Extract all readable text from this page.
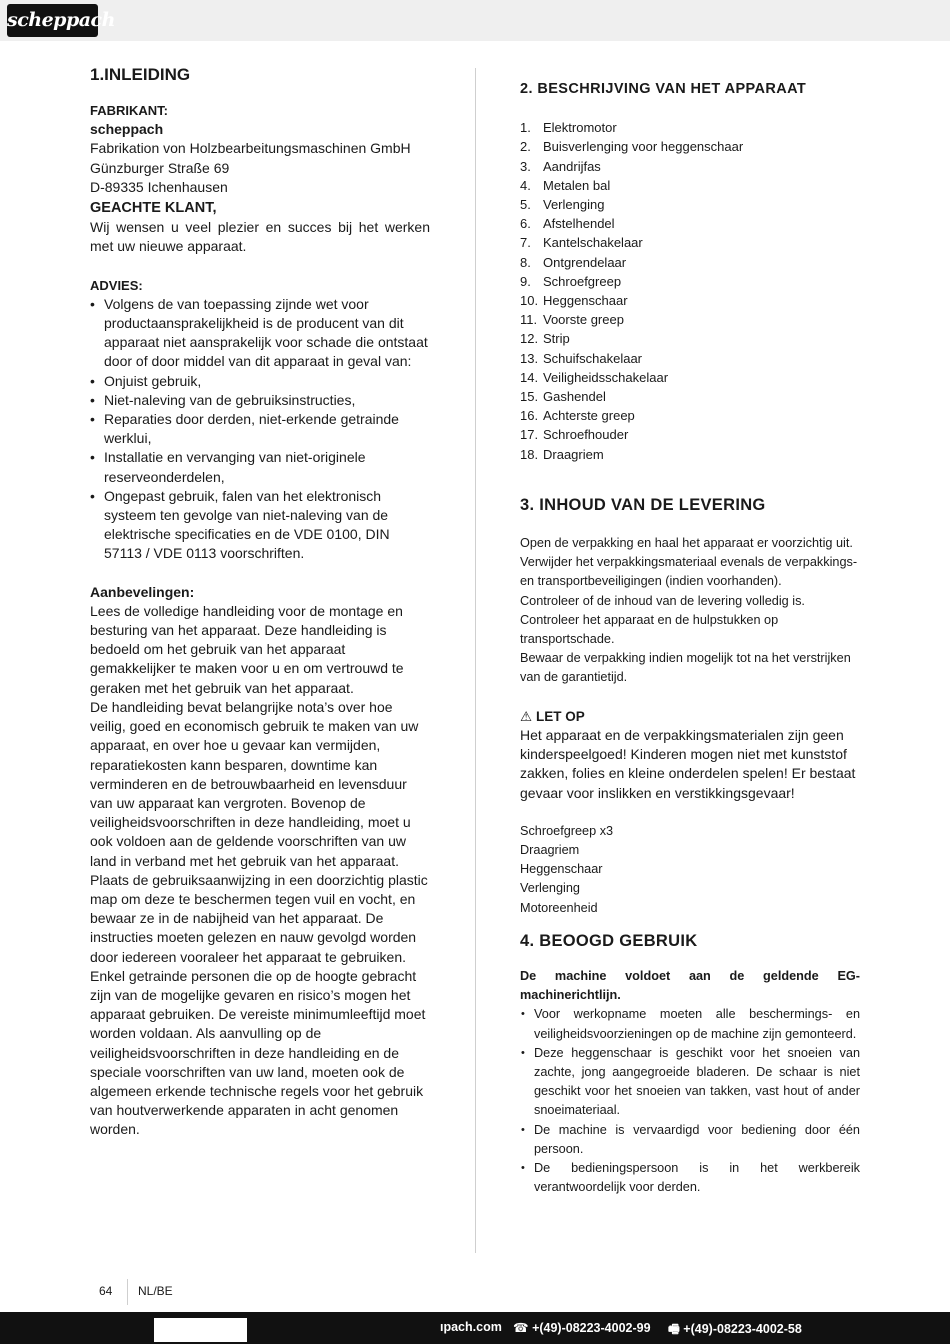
scheppach

1.INLEIDING

FABRIKANT:

scheppach

Fabrikation von Holzbearbeitungsmaschinen GmbH

Günzburger Straße 69

D-89335 Ichenhausen

GEACHTE KLANT,

Wij wensen u veel plezier en succes bij het werken met uw nieuwe apparaat.

ADVIES:

• Volgens de van toepassing zijnde wet voor productaansprakelijkheid is de producent van dit apparaat niet aansprakelijk voor schade die ontstaat door of door middel van dit apparaat in geval van:
• Onjuist gebruik,
• Niet-naleving van de gebruiksinstructies,
• Reparaties door derden, niet-erkende getrainde werklui,
• Installatie en vervanging van niet-originele reserveonderdelen,
• Ongepast gebruik, falen van het elektronisch systeem ten gevolge van niet-naleving van de elektrische specificaties en de VDE 0100, DIN 57113 / VDE 0113 voorschriften.

Aanbevelingen:

Lees de volledige handleiding voor de montage en besturing van het apparaat. Deze handleiding is bedoeld om het gebruik van het apparaat gemakkelijker te maken voor u en om vertrouwd te geraken met het gebruik van het apparaat.

De handleiding bevat belangrijke nota’s over hoe veilig, goed en economisch gebruik te maken van uw apparaat, en over hoe u gevaar kan vermijden, reparatiekosten kann besparen, downtime kan verminderen en de betrouwbaarheid en levensduur van uw apparaat kan vergroten. Bovenop de veiligheidsvoorschriften in deze handleiding, moet u ook voldoen aan de geldende voorschriften van uw land in verband met het gebruik van het apparaat. Plaats de gebruiksaanwijzing in een doorzichtig plastic map om deze te beschermen tegen vuil en vocht, en bewaar ze in de nabijheid van het apparaat. De instructies moeten gelezen en nauw gevolgd worden door iedereen vooraleer het apparaat te gebruiken. Enkel getrainde personen die op de hoogte gebracht zijn van de mogelijke gevaren en risico’s mogen het apparaat gebruiken. De vereiste minimumleeftijd moet worden voldaan. Als aanvulling op de veiligheidsvoorschriften in deze handleiding en de speciale voorschriften van uw land, moeten ook de algemeen erkende technische regels voor het gebruik van houtverwerkende apparaten in acht genomen worden.

2. BESCHRIJVING VAN HET APPARAAT

1. Elektromotor
2. Buisverlenging voor heggenschaar
3. Aandrijfas
4. Metalen bal
5. Verlenging
6. Afstelhendel
7. Kantelschakelaar
8. Ontgrendelaar
9. Schroefgreep
10. Heggenschaar
11. Voorste greep
12. Strip
13. Schuifschakelaar
14. Veiligheidsschakelaar
15. Gashendel
16. Achterste greep
17. Schroefhouder
18. Draagriem

3. INHOUD VAN DE LEVERING

Open de verpakking en haal het apparaat er voorzichtig uit.

Verwijder het verpakkingsmateriaal evenals de verpakkings- en transportbeveiligingen (indien voorhanden).

Controleer of de inhoud van de levering volledig is.

Controleer het apparaat en de hulpstukken op transportschade.

Bewaar de verpakking indien mogelijk tot na het verstrijken van de garantietijd.

⚠ LET OP

Het apparaat en de verpakkingsmaterialen zijn geen kinderspeelgoed! Kinderen mogen niet met kunststof zakken, folies en kleine onderdelen spelen! Er bestaat gevaar voor inslikken en verstikkingsgevaar!

Schroefgreep x3

Draagriem

Heggenschaar

Verlenging

Motoreenheid

4. BEOOGD GEBRUIK

De machine voldoet aan de geldende EG-machinerichtlijn.

• Voor werkopname moeten alle beschermings- en veiligheidsvoorzieningen op de machine zijn gemonteerd.
• Deze heggenschaar is geschikt voor het snoeien van zachte, jong aangegroeide bladeren. De schaar is niet geschikt voor het snoeien van takken, vast hout of ander snoeimateriaal.
• De machine is vervaardigd voor bediening door één persoon.
• De bedieningspersoon is in het werkbereik verantwoordelijk voor derden.
64 NL/BE
ıpach.com ☎ +(49)-08223-4002-99 🖷 +(49)-08223-4002-58
